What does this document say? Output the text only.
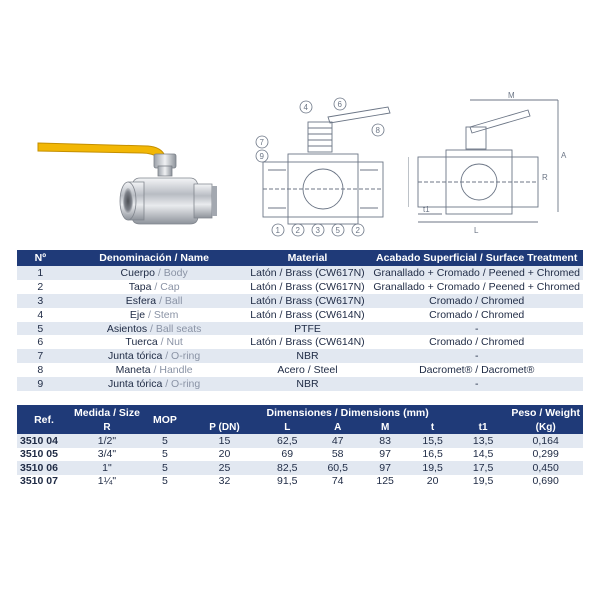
4	6
8
7
9
1 2 3 5 2
M
A
L
t1
R
Nº	Denominación / Name	Material	Acabado Superficial / Surface Treatment
1	Cuerpo / Body	Latón / Brass (CW617N)	Granallado + Cromado / Peened + Chromed
2	Tapa / Cap	Latón / Brass (CW617N)	Granallado + Cromado / Peened + Chromed
3	Esfera / Ball	Latón / Brass (CW617N)	Cromado / Chromed
4	Eje / Stem	Latón / Brass (CW614N)	Cromado / Chromed
5	Asientos / Ball seats	PTFE	-
6	Tuerca / Nut	Latón / Brass (CW614N)	Cromado / Chromed
7	Junta tórica / O-ring	NBR	-
8	Maneta / Handle	Acero / Steel	Dacromet® / Dacromet®
9	Junta tórica / O-ring	NBR	-
Ref.	Medida / Size	MOP	Dimensiones / Dimensions (mm)						Peso / Weight
	R		P (DN)	L	A	M	t	t1	(Kg)
3510 04	1/2"	5	15	62,5	47	83	15,5	13,5	0,164
3510 05	3/4"	5	20	69	58	97	16,5	14,5	0,299
3510 06	1"	5	25	82,5	60,5	97	19,5	17,5	0,450
3510 07	1¼"	5	32	91,5	74	125	20	19,5	0,690
